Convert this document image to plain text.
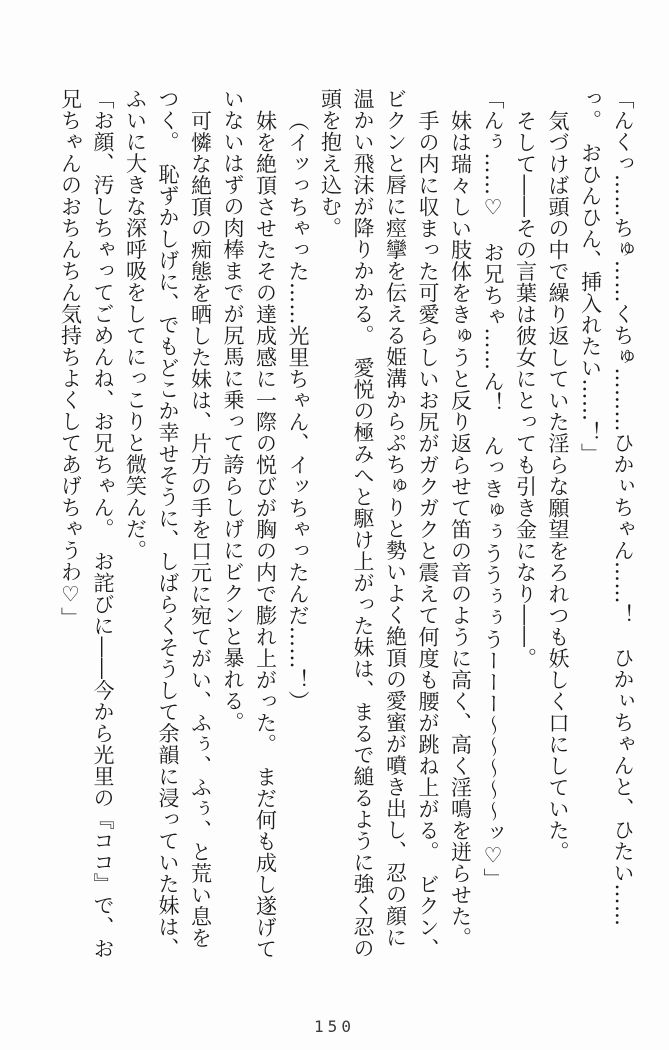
「んくっ……ちゅ……くちゅ………ひかぃちゃん……！　ひかぃちゃんと、ひたい……

っ。　おひんひん、挿入れたい……！」

気づけば頭の中で繰り返していた淫らな願望をろれつも妖しく口にしていた。

そして――その言葉は彼女にとっても引き金になり――。

「んぅ……♡　お兄ちゃ……ん！　んっきゅぅううぅぅうーーー〜〜〜〜〜ッ♡」

妹は瑞々しい肢体をきゅうと反り返らせて笛の音のように高く、高く淫鳴を迸らせた。

手の内に収まった可愛らしいお尻がガクガクと震えて何度も腰が跳ね上がる。　ビクン、

ビクンと唇に痙攣を伝える姫溝からぷちゅりと勢いよく絶頂の愛蜜が噴き出し、忍の顔に

温かい飛沫が降りかかる。　愛悦の極みへと駆け上がった妹は、まるで縋るように強く忍の

頭を抱え込む。

（イッっちゃった……光里ちゃん、イッちゃったんだ……！）

妹を絶頂させたその達成感に一際の悦びが胸の内で膨れ上がった。　まだ何も成し遂げて

いないはずの肉棒までが尻馬に乗って誇らしげにビクンと暴れる。

可憐な絶頂の痴態を晒した妹は、片方の手を口元に宛てがい、ふぅ、ふぅ、と荒い息を

つく。　恥ずかしげに、でもどこか幸せそうに、しばらくそうして余韻に浸っていた妹は、

ふいに大きな深呼吸をしてにっこりと微笑んだ。

「お顔、汚しちゃってごめんね、お兄ちゃん。　お詫びに――今から光里の『ココ』で、お

兄ちゃんのおちんちん気持ちよくしてあげちゃうわ♡」

150
